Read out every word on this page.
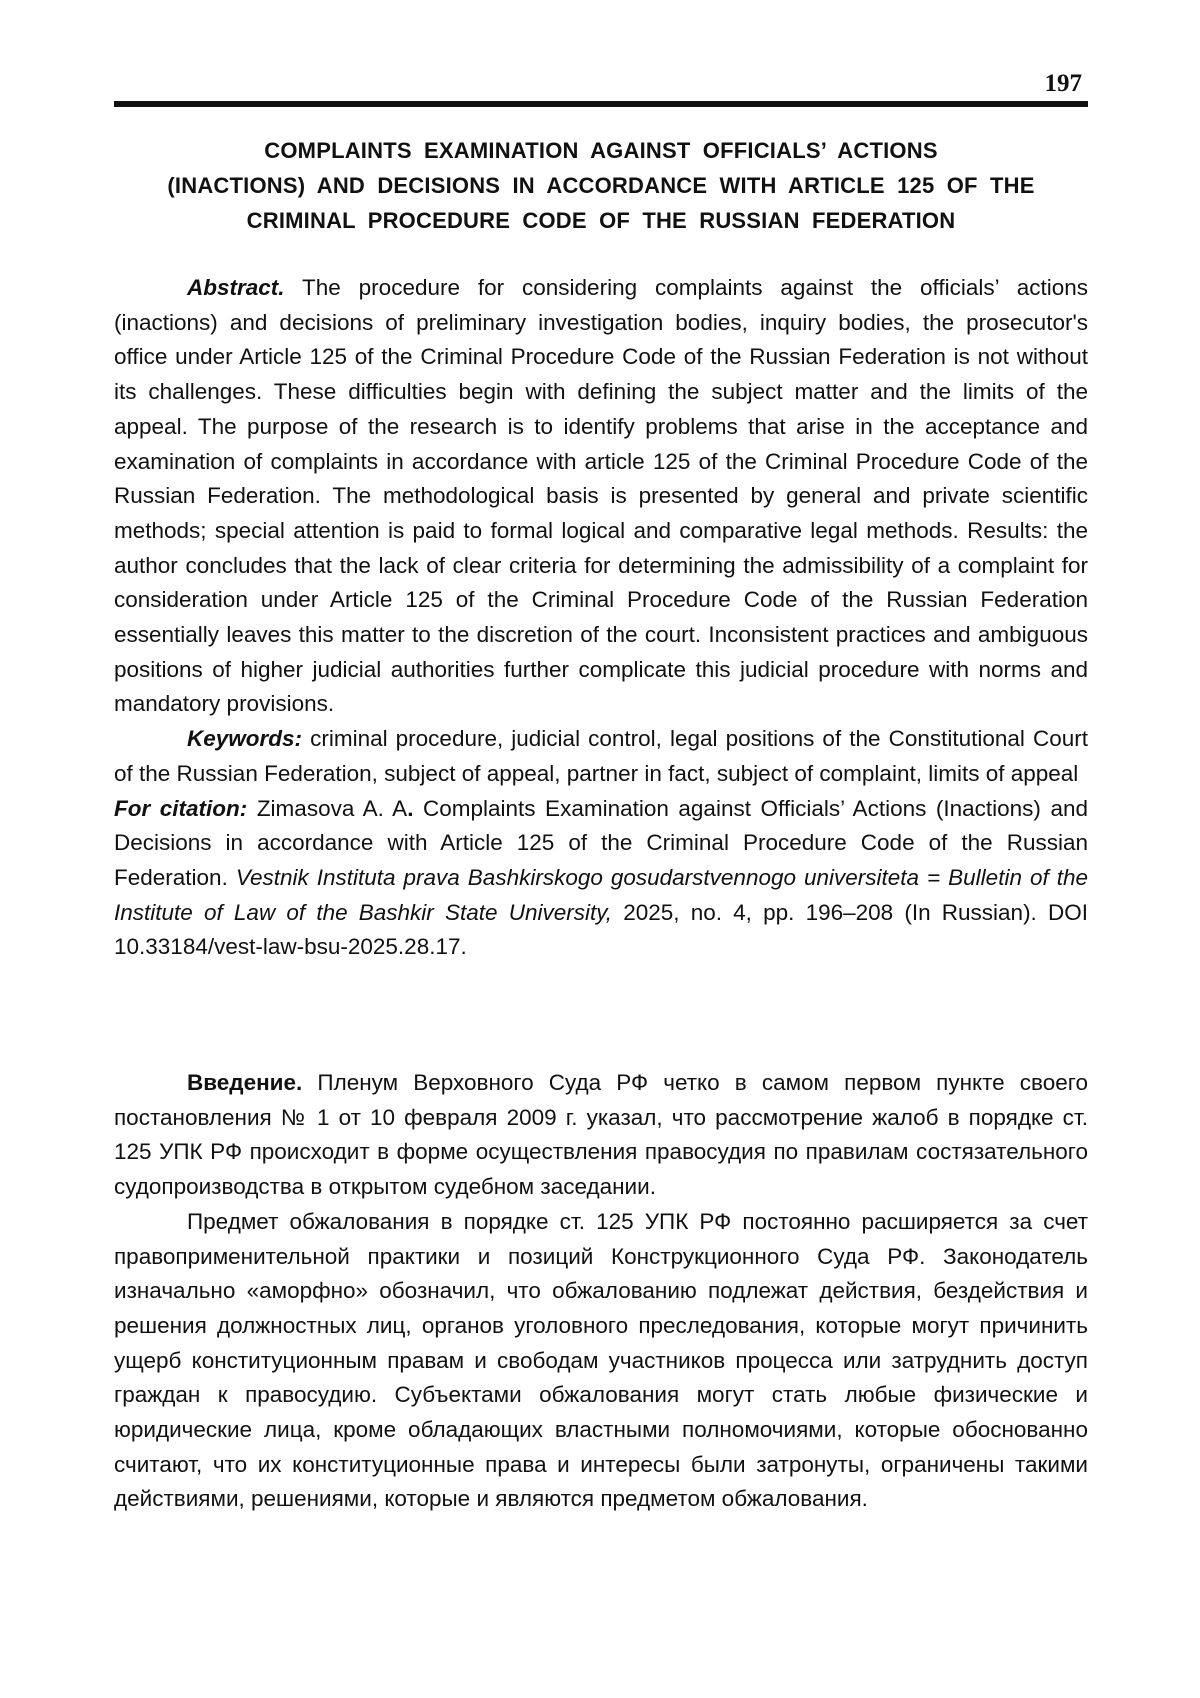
197
COMPLAINTS EXAMINATION AGAINST OFFICIALS’ ACTIONS
(INACTIONS) AND DECISIONS IN ACCORDANCE WITH ARTICLE 125 OF THE
CRIMINAL PROCEDURE CODE OF THE RUSSIAN FEDERATION

Abstract. The procedure for considering complaints against the officials’ actions (inactions) and decisions of preliminary investigation bodies, inquiry bodies, the prosecutor's office under Article 125 of the Criminal Procedure Code of the Russian Federation is not without its challenges. These difficulties begin with defining the subject matter and the limits of the appeal. The purpose of the research is to identify problems that arise in the acceptance and examination of complaints in accordance with article 125 of the Criminal Procedure Code of the Russian Federation. The methodological basis is presented by general and private scientific methods; special attention is paid to formal logical and comparative legal methods. Results: the author concludes that the lack of clear criteria for determining the admissibility of a complaint for consideration under Article 125 of the Criminal Procedure Code of the Russian Federation essentially leaves this matter to the discretion of the court. Inconsistent practices and ambiguous positions of higher judicial authorities further complicate this judicial procedure with norms and mandatory provisions.

Keywords: criminal procedure, judicial control, legal positions of the Constitutional Court of the Russian Federation, subject of appeal, partner in fact, subject of complaint, limits of appeal

For citation: Zimasova A. A. Complaints Examination against Officials’ Actions (Inactions) and Decisions in accordance with Article 125 of the Criminal Procedure Code of the Russian Federation. Vestnik Instituta prava Bashkirskogo gosudarstvennogo universiteta = Bulletin of the Institute of Law of the Bashkir State University, 2025, no. 4, pp. 196–208 (In Russian). DOI 10.33184/vest-law-bsu-2025.28.17.

Введение. Пленум Верховного Суда РФ четко в самом первом пункте своего постановления № 1 от 10 февраля 2009 г. указал, что рассмотрение жалоб в порядке ст. 125 УПК РФ происходит в форме осуществления правосудия по правилам состязательного судопроизводства в открытом судебном заседании.

Предмет обжалования в порядке ст. 125 УПК РФ постоянно расширяется за счет правоприменительной практики и позиций Конструкционного Суда РФ. Законодатель изначально «аморфно» обозначил, что обжалованию подлежат действия, бездействия и решения должностных лиц, органов уголовного преследования, которые могут причинить ущерб конституционным правам и свободам участников процесса или затруднить доступ граждан к правосудию. Субъектами обжалования могут стать любые физические и юридические лица, кроме обладающих властными полномочиями, которые обоснованно считают, что их конституционные права и интересы были затронуты, ограничены такими действиями, решениями, которые и являются предметом обжалования.
